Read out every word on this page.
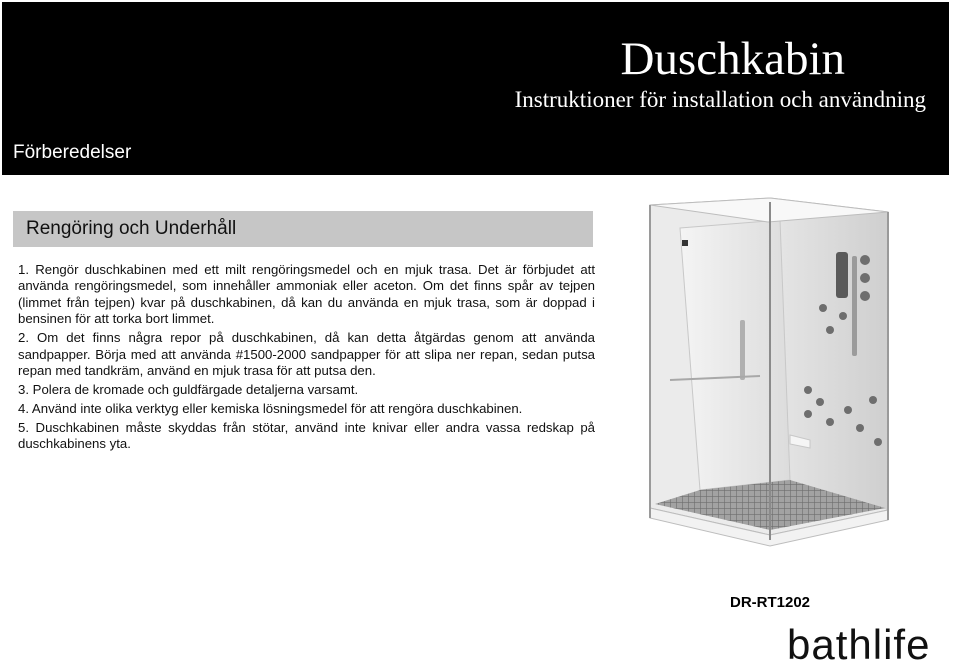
Duschkabin
Instruktioner för installation och användning
Förberedelser
Rengöring och Underhåll

1. Rengör duschkabinen med ett milt rengöringsmedel och en mjuk trasa. Det är förbjudet att använda rengöringsmedel, som innehåller ammoniak eller aceton. Om det finns spår av tejpen (limmet från tejpen) kvar på duschkabinen, då kan du använda en mjuk trasa, som är doppad i bensinen för att torka bort limmet.

2. Om det finns några repor på duschkabinen, då kan detta åtgärdas genom att använda sandpapper. Börja med att använda #1500-2000 sandpapper för att slipa ner repan, sedan putsa repan med tandkräm, använd en mjuk trasa för att putsa den.

3. Polera de kromade och guldfärgade detaljerna varsamt.

4. Använd inte olika verktyg eller kemiska lösningsmedel för att rengöra duschkabinen.

5. Duschkabinen måste skyddas från stötar, använd inte knivar eller andra vassa redskap på duschkabinens yta.

DR-RT1202
bathlife
